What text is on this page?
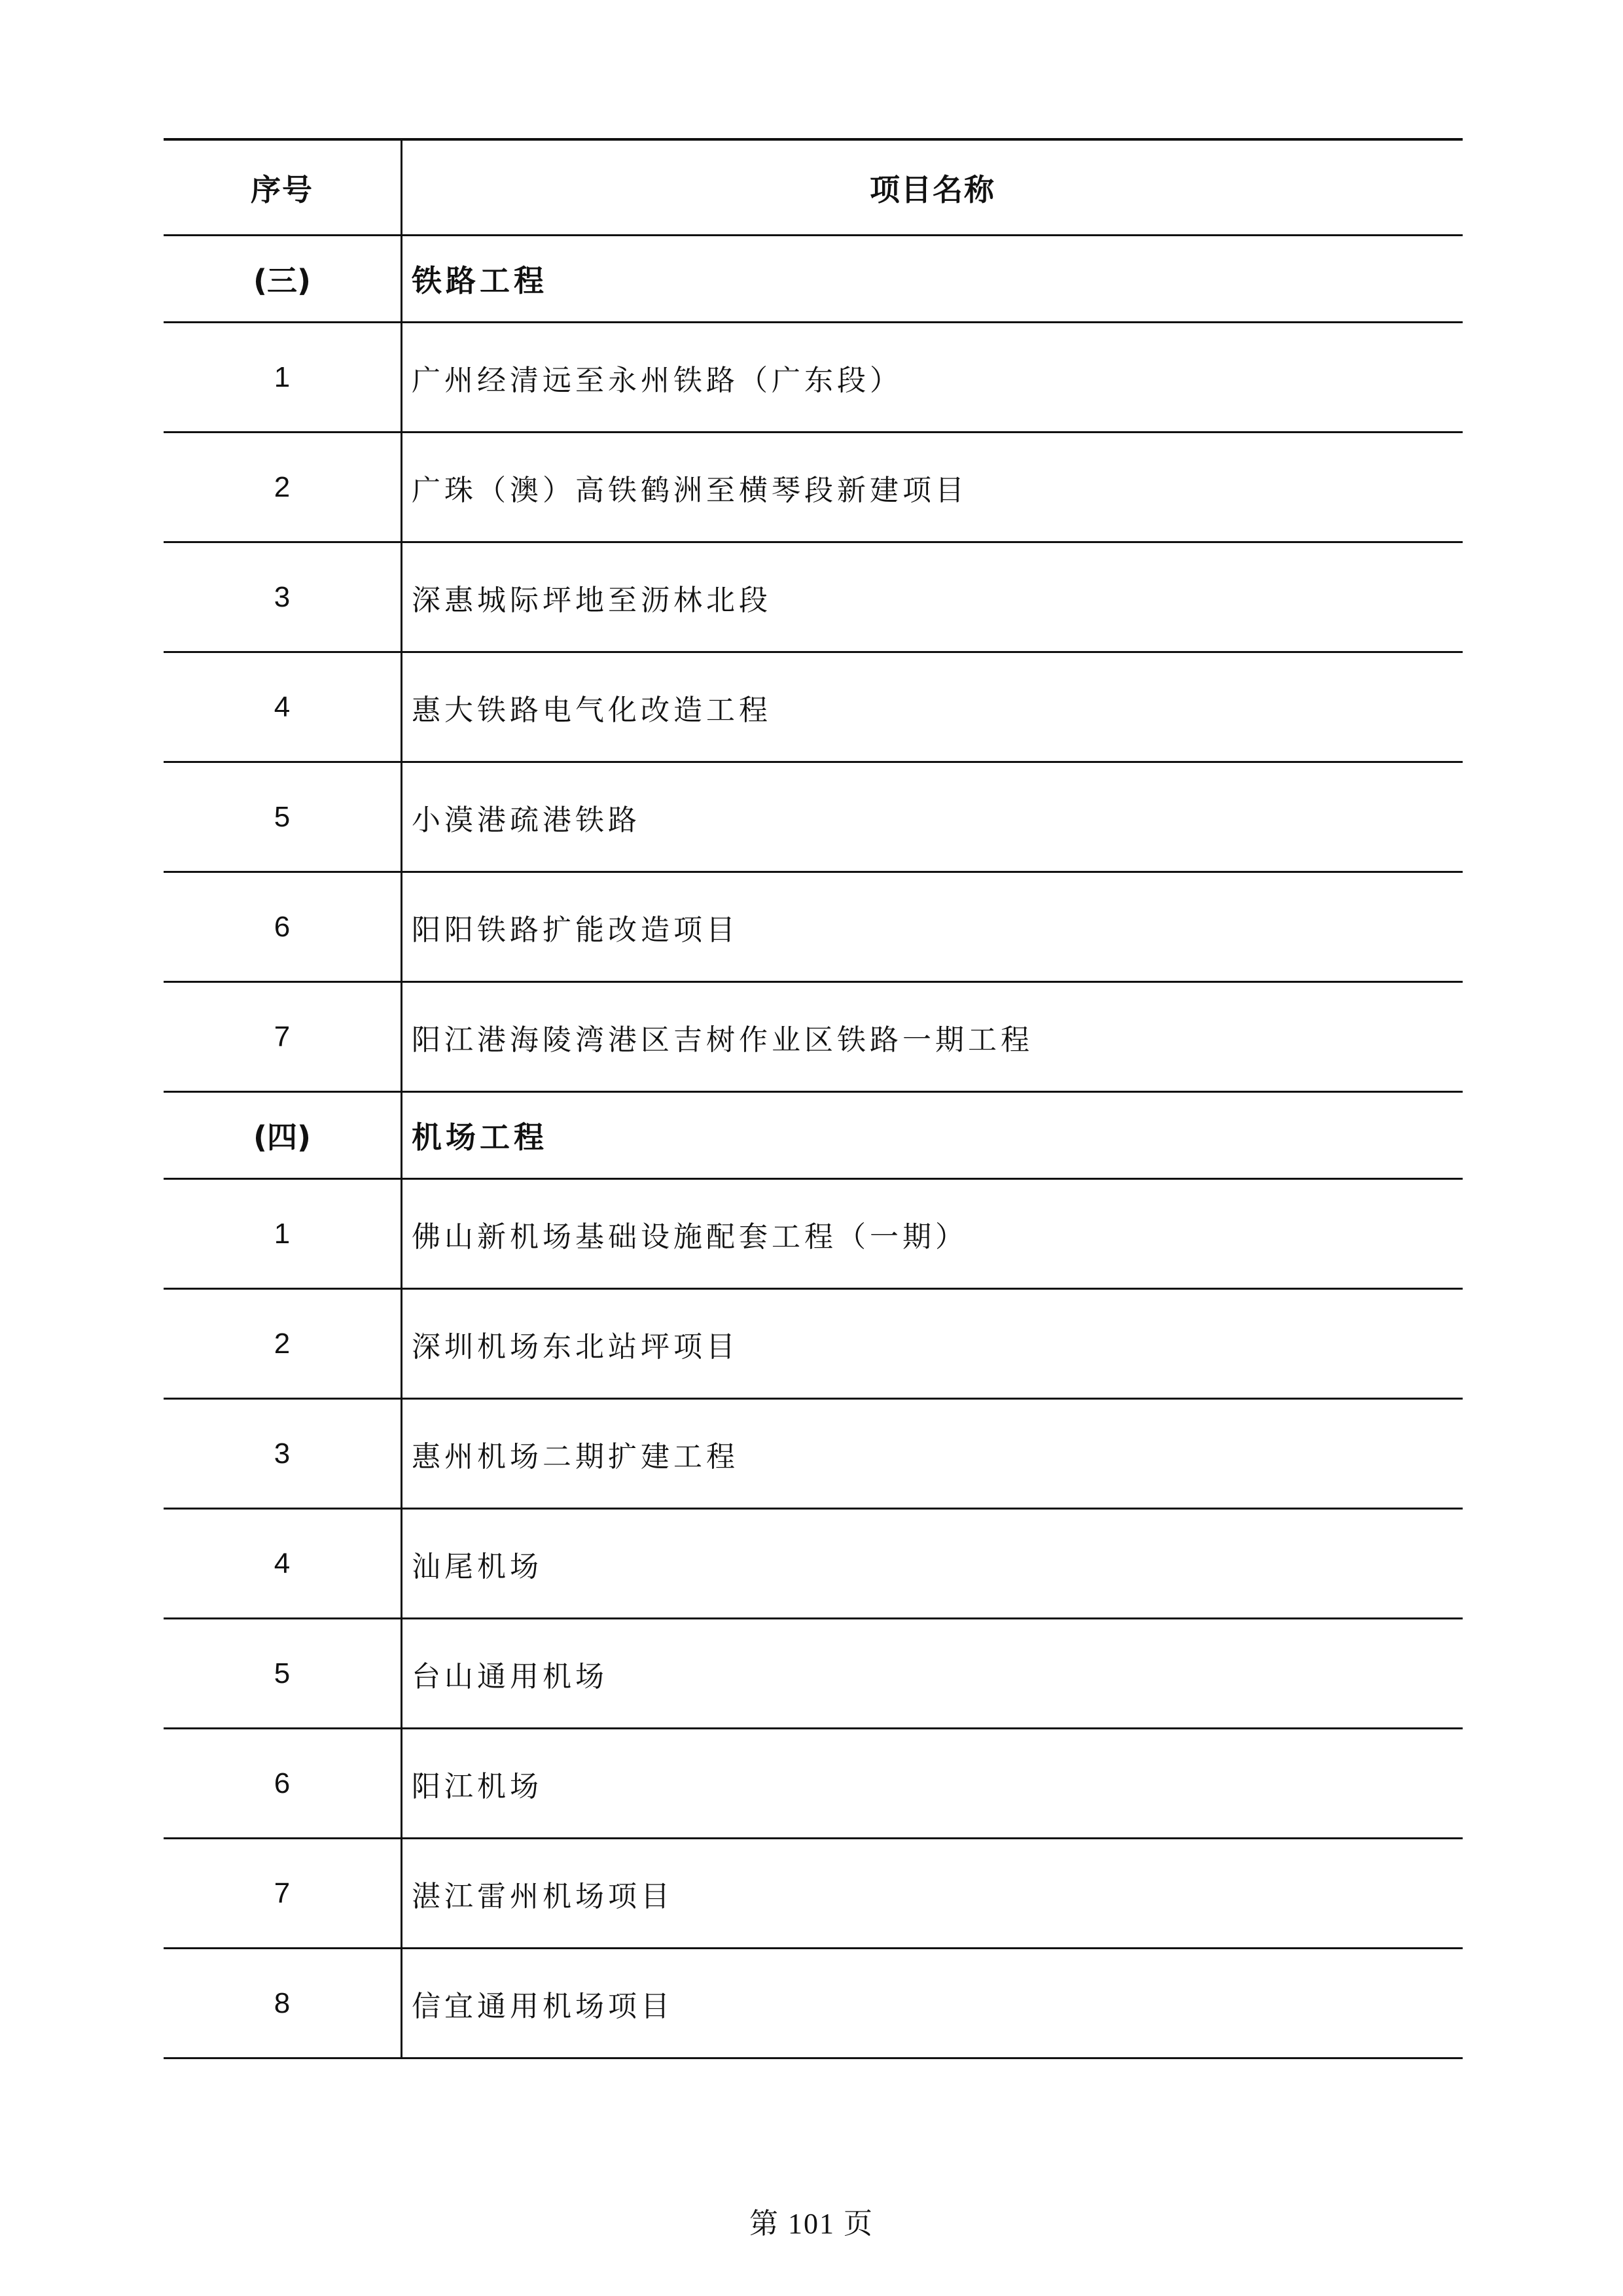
序号	项目名称
(三)	铁路工程
1	广州经清远至永州铁路（广东段）
2	广珠（澳）高铁鹤洲至横琴段新建项目
3	深惠城际坪地至沥林北段
4	惠大铁路电气化改造工程
5	小漠港疏港铁路
6	阳阳铁路扩能改造项目
7	阳江港海陵湾港区吉树作业区铁路一期工程
(四)	机场工程
1	佛山新机场基础设施配套工程（一期）
2	深圳机场东北站坪项目
3	惠州机场二期扩建工程
4	汕尾机场
5	台山通用机场
6	阳江机场
7	湛江雷州机场项目
8	信宜通用机场项目
第 101 页
